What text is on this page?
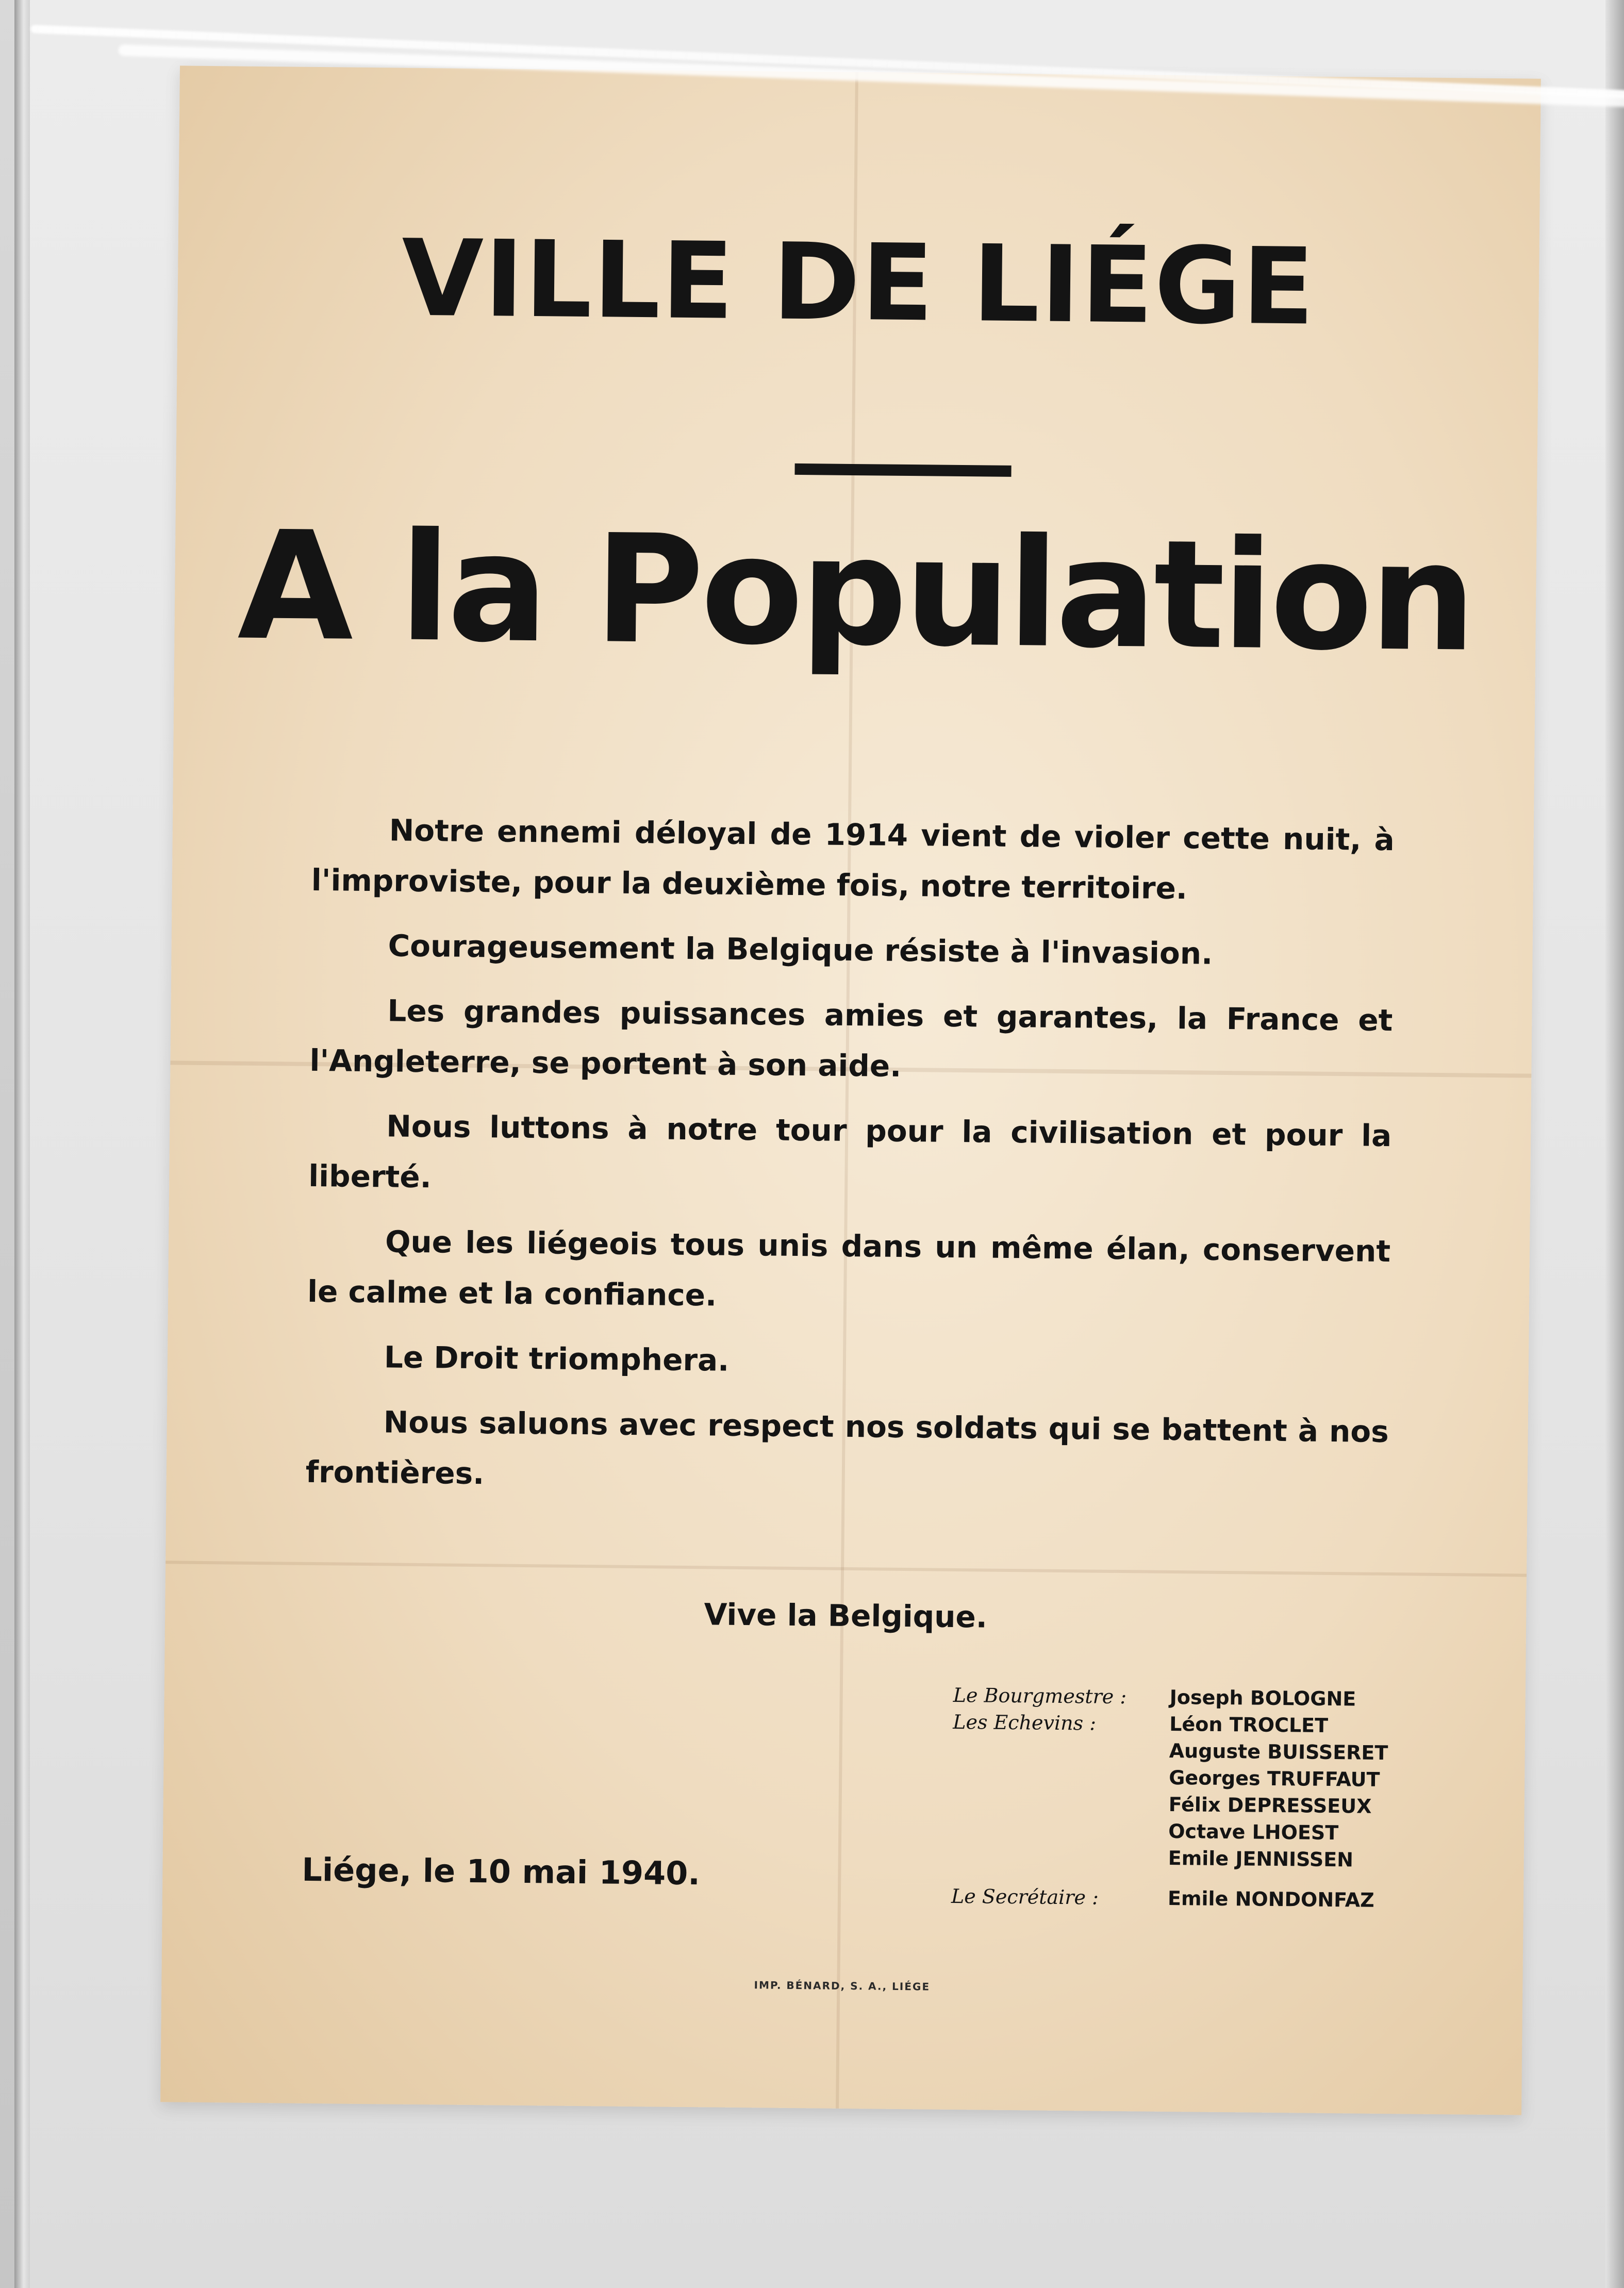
VILLE DE LIÉGE
A la Population

Notre ennemi déloyal de 1914 vient de violer cette nuit, à l'improviste, pour la deuxième fois, notre territoire.

Courageusement la Belgique résiste à l'invasion.

Les grandes puissances amies et garantes, la France et l'Angleterre, se portent à son aide.

Nous luttons à notre tour pour la civilisation et pour la liberté.

Que les liégeois tous unis dans un même élan, conservent le calme et la confiance.

Le Droit triomphera.

Nous saluons avec respect nos soldats qui se battent à nos frontières.

Vive la Belgique.
Le Bourgmestre :	Joseph BOLOGNE
Les Echevins :	Léon TROCLET
Auguste BUISSERET
Georges TRUFFAUT
Félix DEPRESSEUX
Octave LHOEST
Emile JENNISSEN
Le Secrétaire :	Emile NONDONFAZ
Liége, le 10 mai 1940.
IMP. BÉNARD, S. A., LIÉGE
